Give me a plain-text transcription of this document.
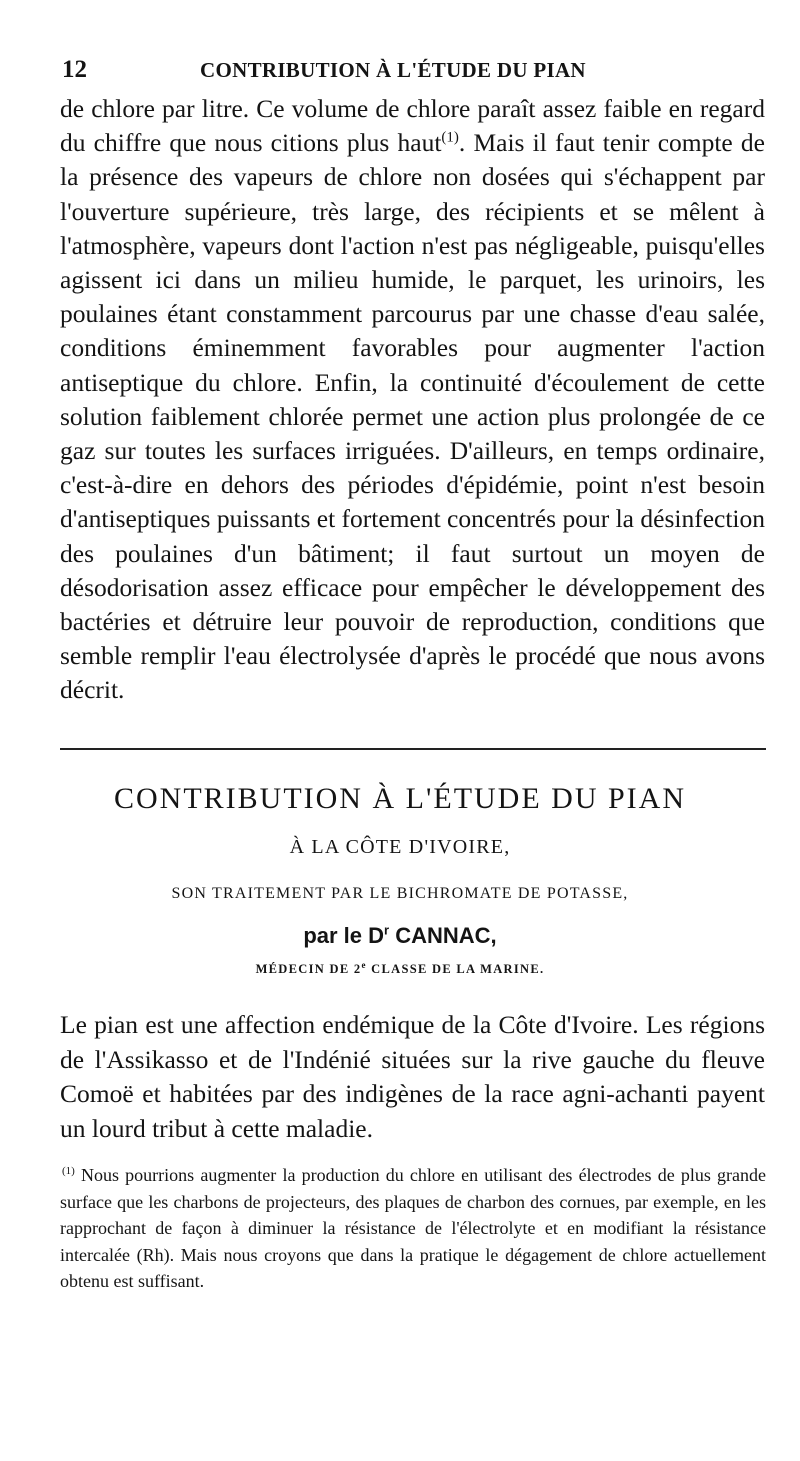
12	CONTRIBUTION À L'ÉTUDE DU PIAN

de chlore par litre. Ce volume de chlore paraît assez faible en regard du chiffre que nous citions plus haut$^{(1)}$. Mais il faut tenir compte de la présence des vapeurs de chlore non dosées qui s'échappent par l'ouverture supérieure, très large, des récipients et se mêlent à l'atmosphère, vapeurs dont l'action n'est pas négligeable, puisqu'elles agissent ici dans un milieu humide, le parquet, les urinoirs, les poulaines étant constamment parcourus par une chasse d'eau salée, conditions éminemment favorables pour augmenter l'action antiseptique du chlore. Enfin, la continuité d'écoulement de cette solution faiblement chlorée permet une action plus prolongée de ce gaz sur toutes les surfaces irriguées. D'ailleurs, en temps ordinaire, c'est-à-dire en dehors des périodes d'épidémie, point n'est besoin d'antiseptiques puissants et fortement concentrés pour la désinfection des poulaines d'un bâtiment; il faut surtout un moyen de désodorisation assez efficace pour empêcher le développement des bactéries et détruire leur pouvoir de reproduction, conditions que semble remplir l'eau électrolysée d'après le procédé que nous avons décrit.

CONTRIBUTION À L'ÉTUDE DU PIAN
À LA CÔTE D'IVOIRE,
SON TRAITEMENT PAR LE BICHROMATE DE POTASSE,
par le $D^r$ CANNAC,
MÉDECIN DE 2e CLASSE DE LA MARINE.

Le pian est une affection endémique de la Côte d'Ivoire. Les régions de l'Assikasso et de l'Indénié situées sur la rive gauche du fleuve Comoë et habitées par des indigènes de la race agni-achanti payent un lourd tribut à cette maladie.

$^{(1)}$ Nous pourrions augmenter la production du chlore en utilisant des électrodes de plus grande surface que les charbons de projecteurs, des plaques de charbon des cornues, par exemple, en les rapprochant de façon à diminuer la résistance de l'électrolyte et en modifiant la résistance intercalée (Rh). Mais nous croyons que dans la pratique le dégagement de chlore actuellement obtenu est suffisant.
